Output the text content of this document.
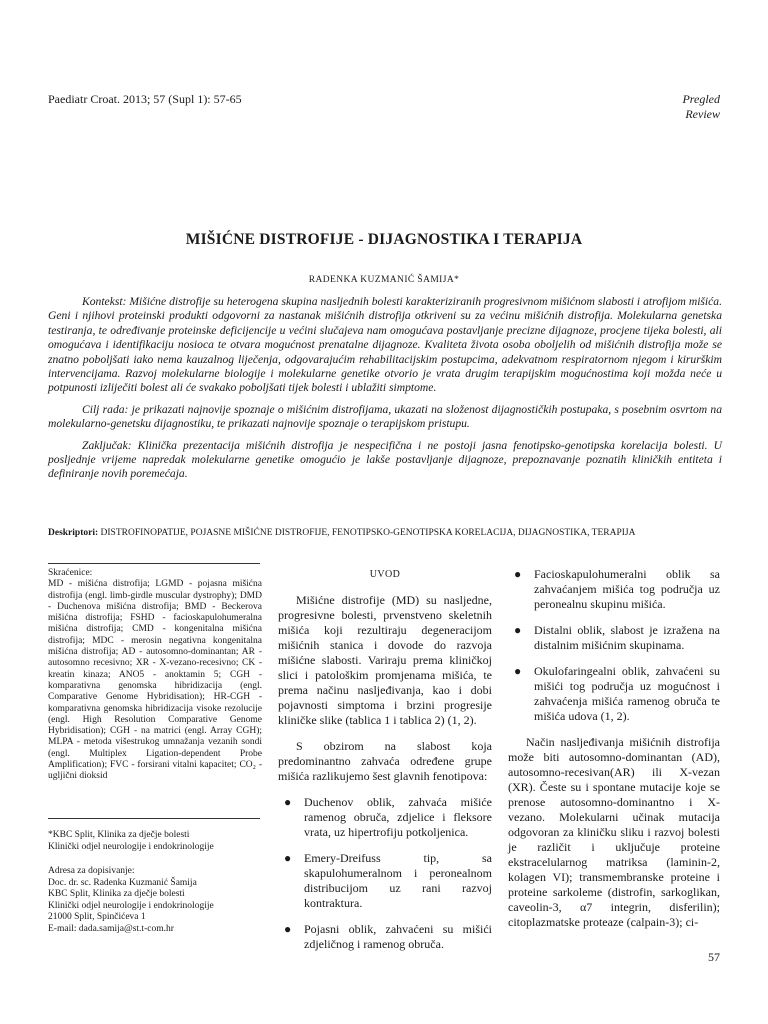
Paediatr Croat. 2013; 57 (Supl 1): 57-65	Pregled
Review
MIŠIĆNE DISTROFIJE - DIJAGNOSTIKA I TERAPIJA
RADENKA KUZMANIĆ ŠAMIJA*

Kontekst: Mišićne distrofije su heterogena skupina nasljednih bolesti karakteriziranih progresivnom mišićnom slabosti i atrofijom mišića. Geni i njihovi proteinski produkti odgovorni za nastanak mišićnih distrofija otkriveni su za većinu mišićnih distrofija. Molekularna genetska testiranja, te određivanje proteinske deficijencije u većini slučajeva nam omogućava postavljanje precizne dijagnoze, procjene tijeka bolesti, ali omogućava i identifikaciju nosioca te otvara mogućnost prenatalne dijagnoze. Kvaliteta života osoba oboljelih od mišićnih distrofija može se znatno poboljšati iako nema kauzalnog liječenja, odgovarajućim rehabilitacijskim postupcima, adekvatnom respiratornom njegom i kirurškim intervencijama. Razvoj molekularne biologije i molekularne genetike otvorio je vrata drugim terapijskim mogućnostima koji možda neće u potpunosti izliječiti bolest ali će svakako poboljšati tijek bolesti i ublažiti simptome.

Cilj rada: je prikazati najnovije spoznaje o mišićnim distrofijama, ukazati na složenost dijagnostičkih postupaka, s posebnim osvrtom na molekularno-genetsku dijagnostiku, te prikazati najnovije spoznaje o terapijskom pristupu.

Zaključak: Klinička prezentacija mišićnih distrofija je nespecifična i ne postoji jasna fenotipsko-genotipska korelacija bolesti. U posljednje vrijeme napredak molekularne genetike omogućio je lakše postavljanje dijagnoze, prepoznavanje poznatih kliničkih entiteta i definiranje novih poremećaja.

Deskriptori: DISTROFINOPATIJE, POJASNE MIŠIĆNE DISTROFIJE, FENOTIPSKO-GENOTIPSKA KORELACIJA, DIJAGNOSTIKA, TERAPIJA
Skraćenice:
MD - mišićna distrofija; LGMD - pojasna mišićna distrofija (engl. limb-girdle muscular dystrophy); DMD - Duchenova mišićna distrofija; BMD - Beckerova mišićna distrofija; FSHD - facioskapulohumeralna mišićna distrofija; CMD - kongenitalna mišićna distrofija; MDC - merosin negativna kongenitalna mišićna distrofija; AD - autosomno-dominantan; AR - autosomno recesivno; XR - X-vezano-recesivno; CK - kreatin kinaza; ANO5 - anoktamin 5; CGH - komparativna genomska hibridizacija (engl. Comparative Genome Hybridisation); HR-CGH - komparativna genomska hibridizacija visoke rezolucije (engl. High Resolution Comparative Genome Hybridisation); CGH - na matrici (engl. Array CGH); MLPA - metoda višestrukog umnažanja vezanih sondi (engl. Multiplex Ligation-dependent Probe Amplification); FVC - forsirani vitalni kapacitet; CO₂ - ugljični dioksid
*KBC Split, Klinika za dječje bolesti
Klinički odjel neurologije i endokrinologije
Adresa za dopisivanje:
Doc. dr. sc. Radenka Kuzmanić Šamija
KBC Split, Klinika za dječje bolesti
Klinički odjel neurologije i endokrinologije
21000 Split, Spinčićeva 1
E-mail: dada.samija@st.t-com.hr
UVOD

Mišićne distrofije (MD) su nasljedne, progresivne bolesti, prvenstveno skeletnih mišića koji rezultiraju degeneracijom mišićnih stanica i dovode do razvoja mišićne slabosti. Variraju prema kliničkoj slici i patološkim promjenama mišića, te prema načinu nasljeđivanja, kao i dobi pojavnosti simptoma i brzini progresije kliničke slike (tablica 1 i tablica 2) (1, 2).

S obzirom na slabost koja predominantno zahvaća određene grupe mišića razlikujemo šest glavnih fenotipova:

● Duchenov oblik, zahvaća mišiće ramenog obruča, zdjelice i fleksore vrata, uz hipertrofiju potkoljenica.
● Emery-Dreifuss tip, sa skapulohumeralnom i peronealnom distribucijom uz rani razvoj kontraktura.
● Pojasni oblik, zahvaćeni su mišići zdjeličnog i ramenog obruča.
● Facioskapulohumeralni oblik sa zahvaćanjem mišića tog područja uz peronealnu skupinu mišića.
● Distalni oblik, slabost je izražena na distalnim mišićnim skupinama.
● Okulofaringealni oblik, zahvaćeni su mišići tog područja uz mogućnost i zahvaćenja mišića ramenog obruča te mišića udova (1, 2).

Način nasljeđivanja mišićnih distrofija može biti autosomno-dominantan (AD), autosomno-recesivan(AR) ili X-vezan (XR). Česte su i spontane mutacije koje se prenose autosomno-dominantno i X-vezano. Molekularni učinak mutacija odgovoran za kliničku sliku i razvoj bolesti je različit i uključuje proteine ekstracelularnog matriksa (laminin-2, kolagen VI); transmembranske proteine i proteine sarkoleme (distrofin, sarkoglikan, caveolin-3, α7 integrin, disferilin); citoplazmatske proteaze (calpain-3); ci-

57
